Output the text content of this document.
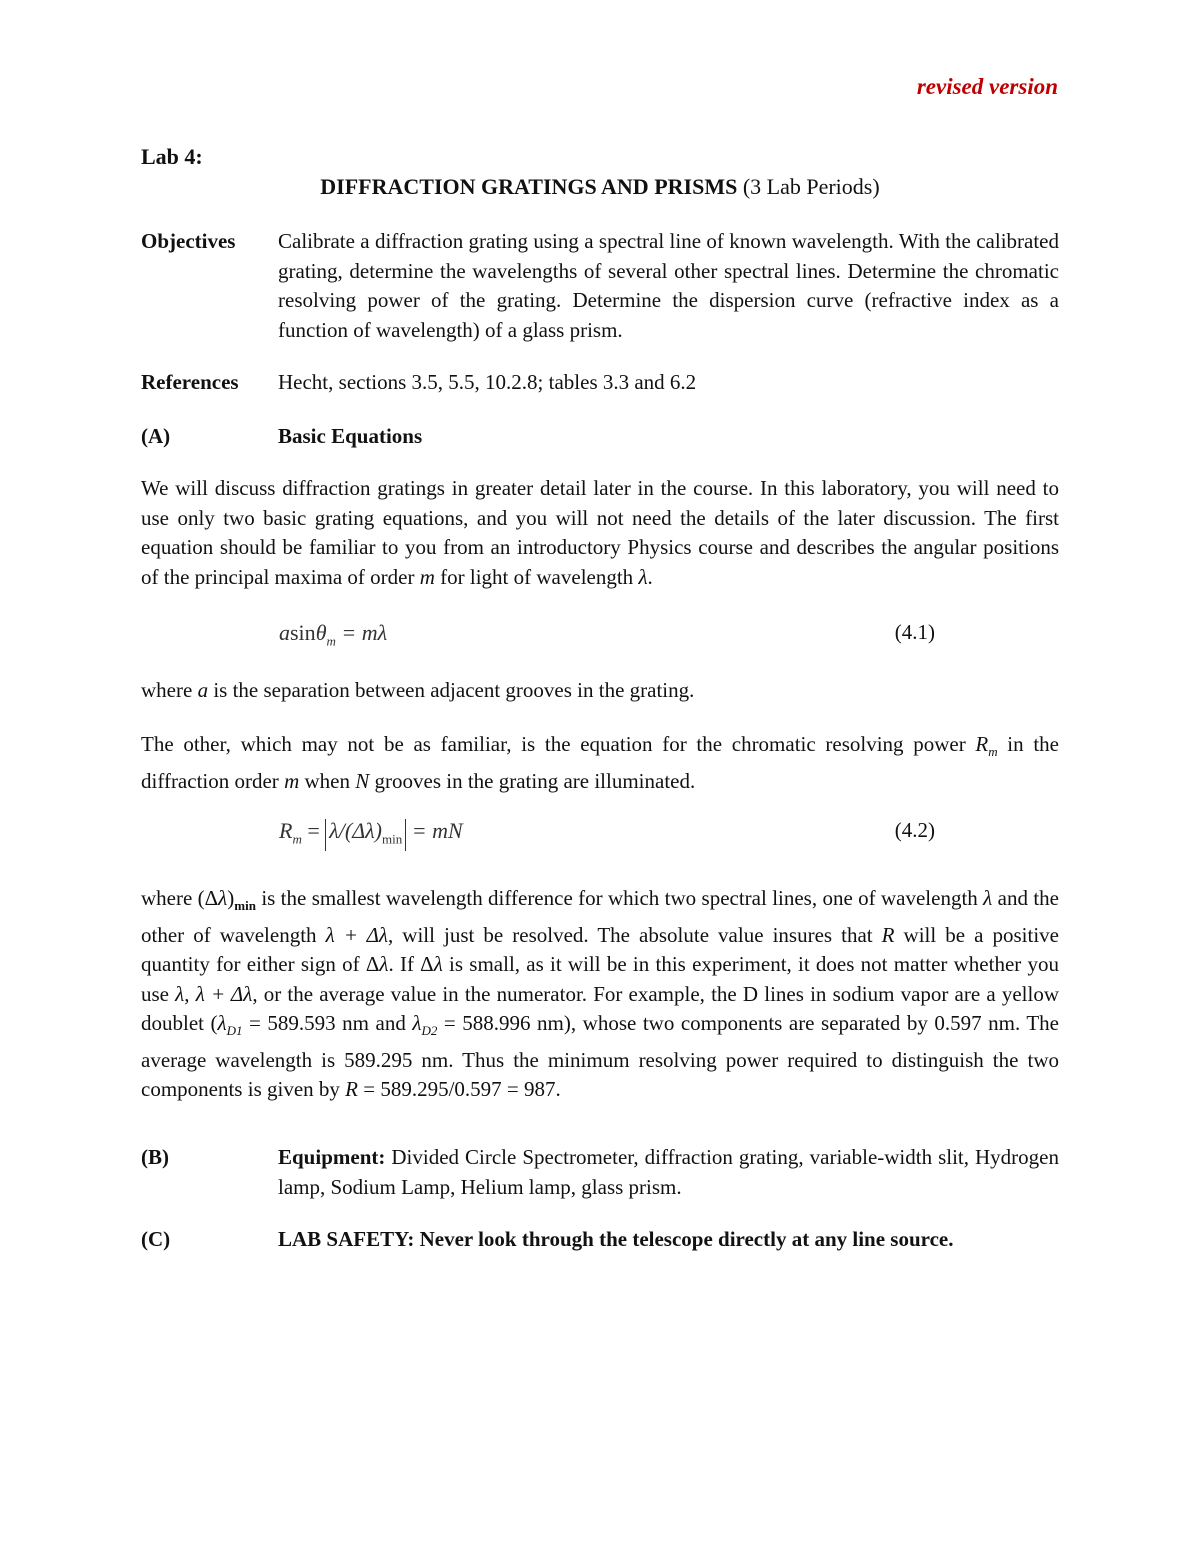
revised version
Lab 4:
DIFFRACTION GRATINGS AND PRISMS (3 Lab Periods)
Objectives	Calibrate a diffraction grating using a spectral line of known wavelength. With the calibrated grating, determine the wavelengths of several other spectral lines. Determine the chromatic resolving power of the grating. Determine the dispersion curve (refractive index as a function of wavelength) of a glass prism.
References	Hecht, sections 3.5, 5.5, 10.2.8; tables 3.3 and 6.2
(A)	Basic Equations
We will discuss diffraction gratings in greater detail later in the course. In this laboratory, you will need to use only two basic grating equations, and you will not need the details of the later discussion. The first equation should be familiar to you from an introductory Physics course and describes the angular positions of the principal maxima of order m for light of wavelength λ.
asinθ$_m$ = mλ	(4.1)
where a is the separation between adjacent grooves in the grating.
The other, which may not be as familiar, is the equation for the chromatic resolving power $R_m$ in the diffraction order m when N grooves in the grating are illuminated.
$R_m = \lambda/(\Delta\lambda)_{min}$ = mN	(4.2)
where $(\Delta\lambda)_{min}$ is the smallest wavelength difference for which two spectral lines, one of wavelength λ and the other of wavelength λ + Δλ, will just be resolved. The absolute value insures that R will be a positive quantity for either sign of Δλ. If Δλ is small, as it will be in this experiment, it does not matter whether you use λ, λ + Δλ, or the average value in the numerator. For example, the D lines in sodium vapor are a yellow doublet ($\lambda_{D1} = 589.593$ nm and $\lambda_{D2} = 588.996$ nm), whose two components are separated by 0.597 nm. The average wavelength is 589.295 nm. Thus the minimum resolving power required to distinguish the two components is given by R = 589.295/0.597 = 987.
(B)	Equipment: Divided Circle Spectrometer, diffraction grating, variable-width slit, Hydrogen lamp, Sodium Lamp, Helium lamp, glass prism.
(C)	LAB SAFETY: Never look through the telescope directly at any line source.
